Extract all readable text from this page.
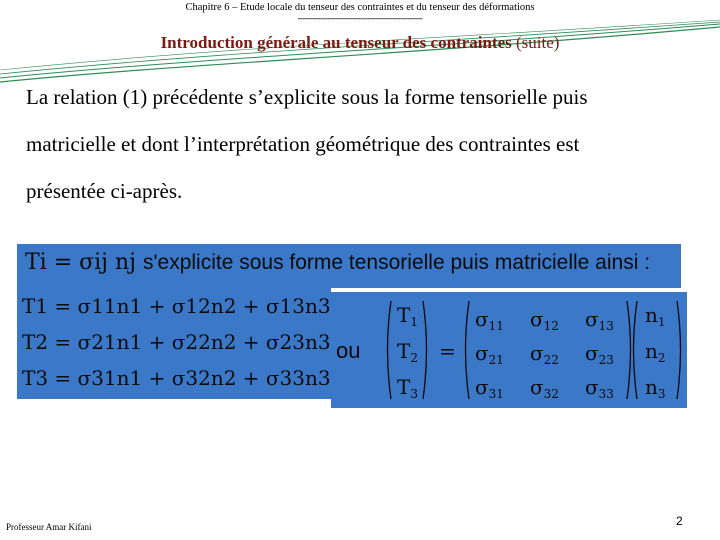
Chapitre 6 – Etude locale du tenseur des contraintes et du tenseur des déformations
--------------------------------------------------
Introduction générale au tenseur des contraintes (suite)

La relation (1) précédente s’explicite sous la forme tensorielle puis

matricielle et dont l’interprétation géométrique des contraintes est

présentée ci-après.

Ti = σij nj s'explicite sous forme tensorielle puis matricielle ainsi :
T1 = σ11n1 + σ12n2 + σ13n3
T2 = σ21n1 + σ22n2 + σ23n3
T3 = σ31n1 + σ32n2 + σ33n3
ou
$T_1$
$T_2$
$T_3$
=
$\sigma_{11}$ $\sigma_{12}$ $\sigma_{13}$
$\sigma_{21}$ $\sigma_{22}$ $\sigma_{23}$
$\sigma_{31}$ $\sigma_{32}$ $\sigma_{33}$
$n_1$
$n_2$
$n_3$
Professeur Amar Kifani	2
